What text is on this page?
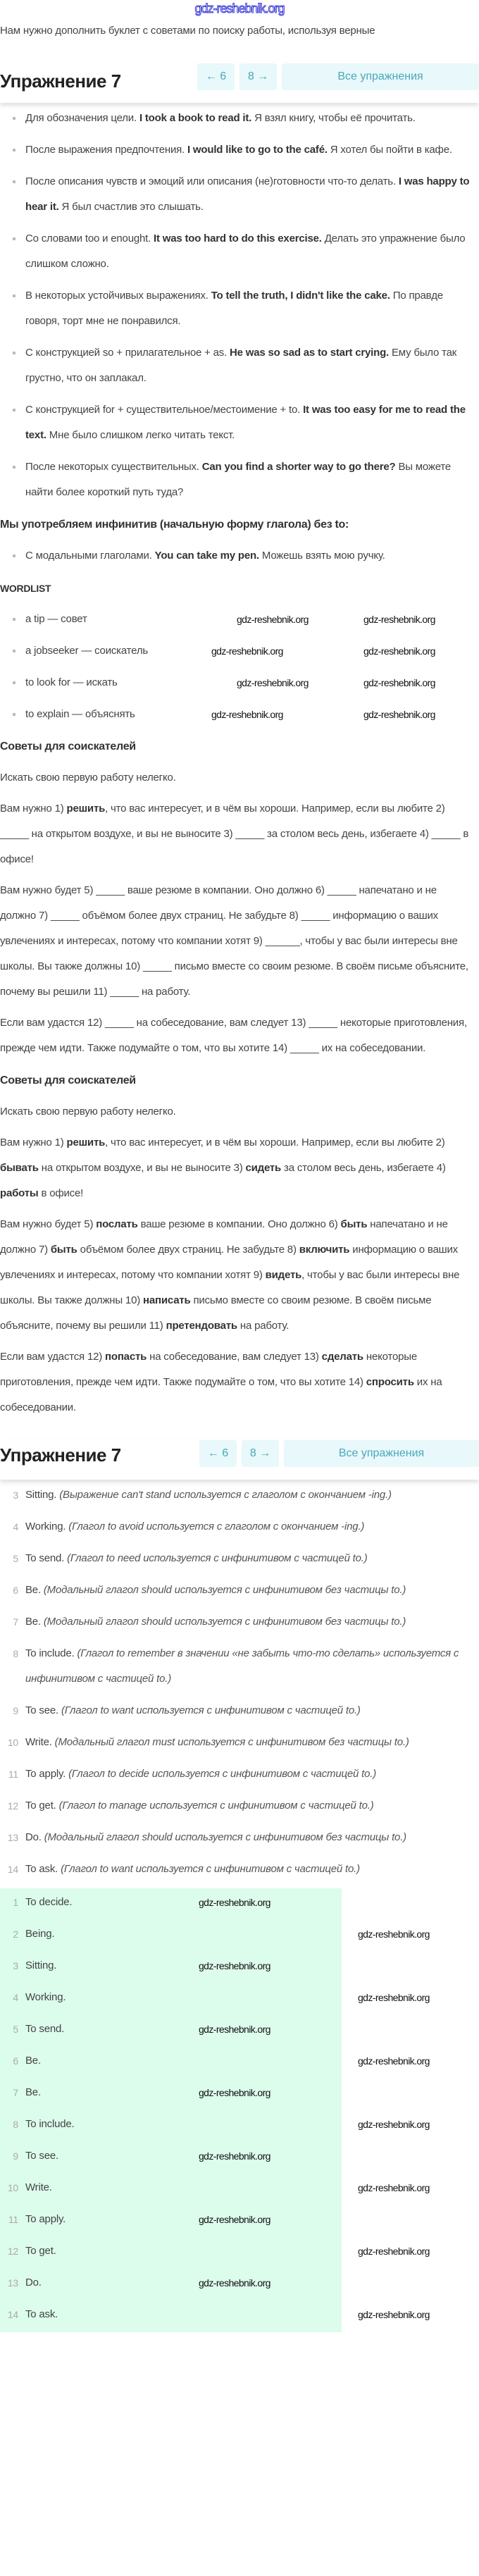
gdz-reshebnik.org
Нам нужно дополнить буклет с советами по поиску работы, используя верные
Упражнение 7	← 6	8 →	Все упражнения
Для обозначения цели. I took a book to read it. Я взял книгу, чтобы её прочитать.
После выражения предпочтения. I would like to go to the café. Я хотел бы пойти в кафе.
После описания чувств и эмоций или описания (не)готовности что-то делать. I was happy to hear it. Я был счастлив это слышать.
Со словами too и enought. It was too hard to do this exercise. Делать это упражнение было слишком сложно.
В некоторых устойчивых выражениях. To tell the truth, I didn't like the cake. По правде говоря, торт мне не понравился.
С конструкцией so + прилагательное + as. He was so sad as to start crying. Ему было так грустно, что он заплакал.
С конструкцией for + существительное/местоимение + to. It was too easy for me to read the text. Мне было слишком легко читать текст.
После некоторых существительных. Can you find a shorter way to go there? Вы можете найти более короткий путь туда?
Мы употребляем инфинитив (начальную форму глагола) без to:
С модальными глаголами. You can take my pen. Можешь взять мою ручку.
WORDLIST
a tip — совет	gdz-reshebnik.org	gdz-reshebnik.org
a jobseeker — соискатель	gdz-reshebnik.org	gdz-reshebnik.org
to look for — искать	gdz-reshebnik.org	gdz-reshebnik.org
to explain — объяснять	gdz-reshebnik.org	gdz-reshebnik.org
Советы для соискателей
Искать свою первую работу нелегко.
Вам нужно 1) решить, что вас интересует, и в чём вы хороши. Например, если вы любите 2) _____ на открытом воздухе, и вы не выносите 3) _____ за столом весь день, избегаете 4) _____ в офисе!
Вам нужно будет 5) _____ ваше резюме в компании. Оно должно 6) _____ напечатано и не должно 7) _____ объёмом более двух страниц. Не забудьте 8) _____ информацию о ваших увлечениях и интересах, потому что компании хотят 9) ______, чтобы у вас были интересы вне школы. Вы также должны 10) _____ письмо вместе со своим резюме. В своём письме объясните, почему вы решили 11) _____ на работу.
Если вам удастся 12) _____ на собеседование, вам следует 13) _____ некоторые приготовления, прежде чем идти. Также подумайте о том, что вы хотите 14) _____ их на собеседовании.
Советы для соискателей
Искать свою первую работу нелегко.
Вам нужно 1) решить, что вас интересует, и в чём вы хороши. Например, если вы любите 2) бывать на открытом воздухе, и вы не выносите 3) сидеть за столом весь день, избегаете 4) работы в офисе!
Вам нужно будет 5) послать ваше резюме в компании. Оно должно 6) быть напечатано и не должно 7) быть объёмом более двух страниц. Не забудьте 8) включить информацию о ваших увлечениях и интересах, потому что компании хотят 9) видеть, чтобы у вас были интересы вне школы. Вы также должны 10) написать письмо вместе со своим резюме. В своём письме объясните, почему вы решили 11) претендовать на работу.
Если вам удастся 12) попасть на собеседование, вам следует 13) сделать некоторые приготовления, прежде чем идти. Также подумайте о том, что вы хотите 14) спросить их на собеседовании.
Упражнение 7	← 6	8 →	Все упражнения
3 Sitting. (Выражение can't stand используется с глаголом с окончанием -ing.)
4 Working. (Глагол to avoid используется с глаголом с окончанием -ing.)
5 To send. (Глагол to need используется с инфинитивом с частицей to.)
6 Be. (Модальный глагол should используется с инфинитивом без частицы to.)
7 Be. (Модальный глагол should используется с инфинитивом без частицы to.)
8 To include. (Глагол to remember в значении «не забыть что-то сделать» используется с инфинитивом с частицей to.)
9 To see. (Глагол to want используется с инфинитивом с частицей to.)
10 Write. (Модальный глагол must используется с инфинитивом без частицы to.)
11 To apply. (Глагол to decide используется с инфинитивом с частицей to.)
12 To get. (Глагол to manage используется с инфинитивом с частицей to.)
13 Do. (Модальный глагол should используется с инфинитивом без частицы to.)
14 To ask. (Глагол to want используется с инфинитивом с частицей to.)
1 To decide.	gdz-reshebnik.org
2 Being.	gdz-reshebnik.org
3 Sitting.	gdz-reshebnik.org
4 Working.	gdz-reshebnik.org
5 To send.	gdz-reshebnik.org
6 Be.	gdz-reshebnik.org
7 Be.	gdz-reshebnik.org
8 To include.	gdz-reshebnik.org
9 To see.	gdz-reshebnik.org
10 Write.	gdz-reshebnik.org
11 To apply.	gdz-reshebnik.org
12 To get.	gdz-reshebnik.org
13 Do.	gdz-reshebnik.org
14 To ask.	gdz-reshebnik.org
